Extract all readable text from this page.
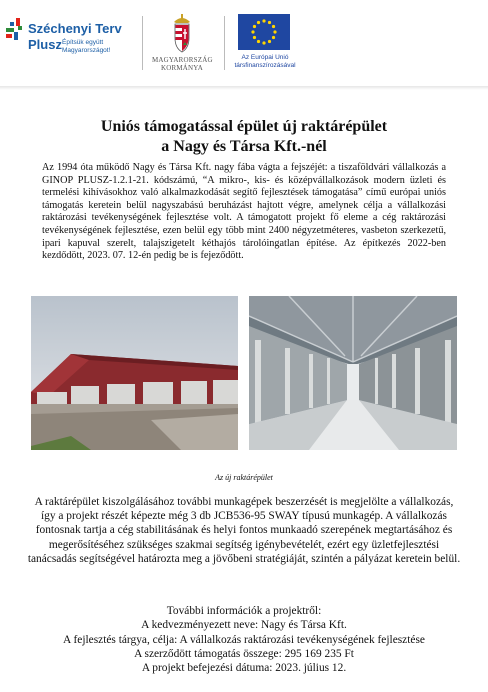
Széchenyi Terv
Plusz Építsük együtt Magyarországot!
MAGYARORSZÁG KORMÁNYA
Az Európai Unió társfinanszírozásával
Uniós támogatással épület új raktárépület
a Nagy és Társa Kft.-nél

Az 1994 óta működő Nagy és Társa Kft. nagy fába vágta a fejszéjét: a tiszaföldvári vállalkozás a GINOP PLUSZ-1.2.1-21. kódszámú, “A mikro-, kis- és középvállalkozások modern üzleti és termelési kihívásokhoz való alkalmazkodását segítő fejlesztések támogatása” című európai uniós támogatás keretein belül nagyszabású beruházást hajtott végre, amelynek célja a vállalkozási raktározási tevékenységének fejlesztése volt. A támogatott projekt fő eleme a cég raktározási tevékenységének fejlesztése, ezen belül egy több mint 2400 négyzetméteres, vasbeton szerkezetű, ipari kapuval szerelt, talajszigetelt kéthajós tárolóingatlan építése. Az építkezés 2022-ben kezdődött, 2023. 07. 12-én pedig be is fejeződött.

Az új raktárépület

A raktárépület kiszolgálásához további munkagépek beszerzését is megjelölte a vállalkozás, így a projekt részét képezte még 3 db JCB536-95 SWAY típusú munkagép. A vállalkozás fontosnak tartja a cég stabilitásának és helyi fontos munkaadó szerepének megtartásához és megerősítéséhez szükséges szakmai segítség igénybevételét, ezért egy üzletfejlesztési tanácsadás segítségével határozta meg a jövőbeni stratégiáját, szintén a pályázat keretein belül.

További információk a projektről:
A kedvezményezett neve: Nagy és Társa Kft.
A fejlesztés tárgya, célja: A vállalkozás raktározási tevékenységének fejlesztése
A szerződött támogatás összege: 295 169 235 Ft
A projekt befejezési dátuma: 2023. július 12.
